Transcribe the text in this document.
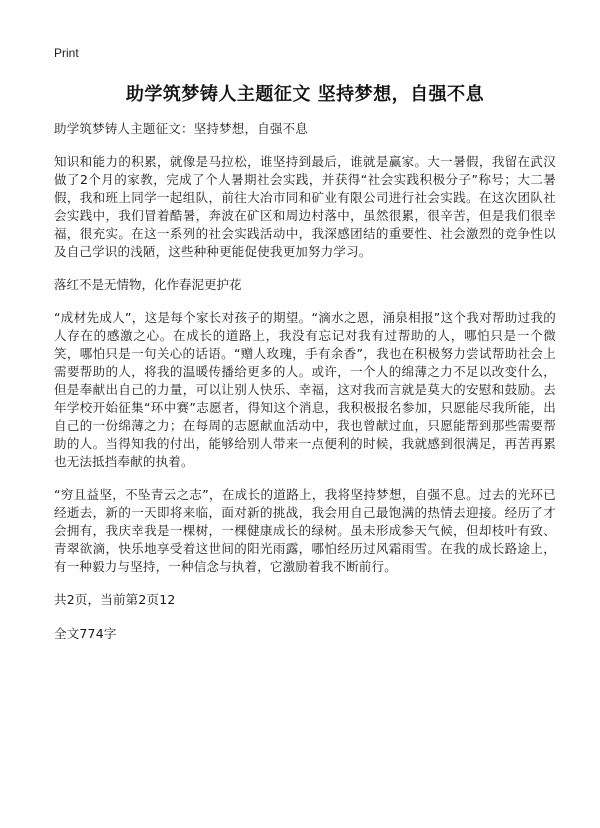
Print
助学筑梦铸人主题征文 坚持梦想，自强不息

助学筑梦铸人主题征文：坚持梦想，自强不息

知识和能力的积累，就像是马拉松，谁坚持到最后，谁就是赢家。大一暑假，我留在武汉做了2个月的家教，完成了个人暑期社会实践，并获得“社会实践积极分子”称号；大二暑假，我和班上同学一起组队，前往大冶市同和矿业有限公司进行社会实践。在这次团队社会实践中，我们冒着酷暑，奔波在矿区和周边村落中，虽然很累，很辛苦，但是我们很幸福，很充实。在这一系列的社会实践活动中，我深感团结的重要性、社会激烈的竞争性以及自己学识的浅陋，这些种种更能促使我更加努力学习。

落红不是无情物，化作春泥更护花

“成材先成人”，这是每个家长对孩子的期望。“滴水之恩，涌泉相报”这个我对帮助过我的人存在的感激之心。在成长的道路上，我没有忘记对我有过帮助的人，哪怕只是一个微笑，哪怕只是一句关心的话语。“赠人玫瑰，手有余香”，我也在积极努力尝试帮助社会上需要帮助的人，将我的温暖传播给更多的人。或许，一个人的绵薄之力不足以改变什么，但是奉献出自己的力量，可以让别人快乐、幸福，这对我而言就是莫大的安慰和鼓励。去年学校开始征集“环中赛”志愿者，得知这个消息，我积极报名参加，只愿能尽我所能，出自己的一份绵薄之力；在每周的志愿献血活动中，我也曾献过血，只愿能帮到那些需要帮助的人。当得知我的付出，能够给别人带来一点便利的时候，我就感到很满足，再苦再累也无法抵挡奉献的执着。

“穷且益坚，不坠青云之志”，在成长的道路上，我将坚持梦想，自强不息。过去的光环已经逝去，新的一天即将来临，面对新的挑战，我会用自己最饱满的热情去迎接。经历了才会拥有，我庆幸我是一棵树，一棵健康成长的绿树。虽未形成参天气候，但却枝叶有致、青翠欲滴，快乐地享受着这世间的阳光雨露，哪怕经历过风霜雨雪。在我的成长路途上，有一种毅力与坚持，一种信念与执着，它激励着我不断前行。

共2页，当前第2页12

全文774字
